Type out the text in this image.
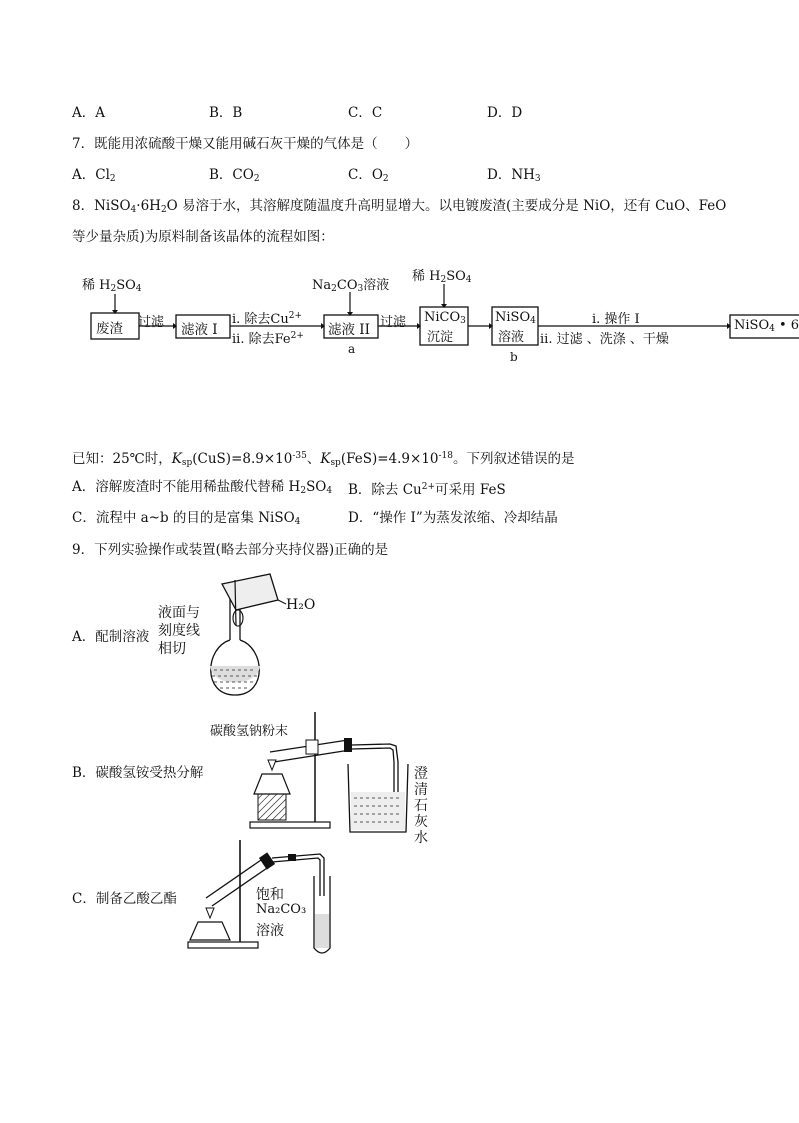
A．A	B．B	C．C	D．D
7．既能用浓硫酸干燥又能用碱石灰干燥的气体是（　　）
A．$Cl_2$	B．$CO_2$	C．$O_2$	D．$NH_3$
8．$NiSO_4\cdot 6H_2O$ 易溶于水，其溶解度随温度升高明显增大。以电镀废渣(主要成分是 NiO，还有 CuO、FeO
等少量杂质)为原料制备该晶体的流程如图：
稀 $H_2SO_4$
废渣 过滤 滤液 I
i. 除去$Cu^{2+}$
ii. 除去$Fe^{2+}$
$Na_2CO_3$溶液
滤液 II
a
过滤
稀 $H_2SO_4$
NiCO$_3$
沉淀
NiSO$_4$
溶液
b
i. 操作 I
ii. 过滤 、洗涤 、干燥
NiSO$_4$ • 6
已知：25℃时，$K_{sp}(CuS)=8.9\times 10^{-35}$、$K_{sp}(FeS)=4.9\times 10^{-18}$。下列叙述错误的是
A．溶解废渣时不能用稀盐酸代替稀 $H_2SO_4$ B．除去 $Cu^{2+}$可采用 FeS
C．流程中 a~b 的目的是富集 NiSO$_4$	D．“操作 I”为蒸发浓缩、冷却结晶
9．下列实验操作或装置(略去部分夹持仪器)正确的是
A．配制溶液
液面与
刻度线
相切
H₂O
B．碳酸氢铵受热分解
碳酸氢钠粉末
澄
清
石
灰
水
C．制备乙酸乙酯	饱和
Na₂CO₃
溶液
